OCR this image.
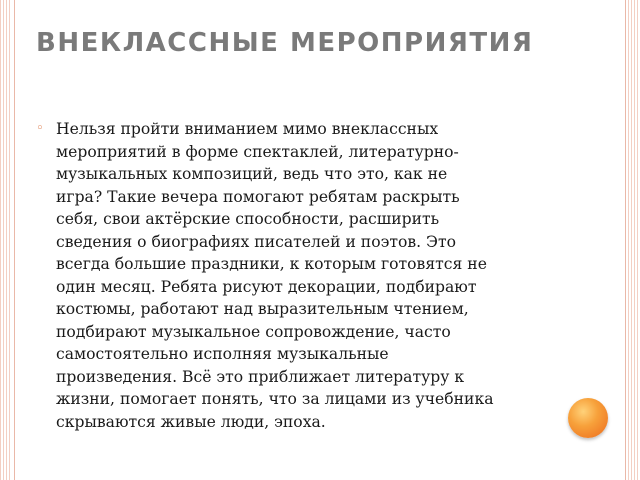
ВНЕКЛАССНЫЕ МЕРОПРИЯТИЯ
◦ Нельзя пройти вниманием мимо внеклассных
мероприятий в форме спектаклей, литературно-
музыкальных композиций, ведь что это, как не
игра? Такие вечера помогают ребятам раскрыть
себя, свои актёрские способности, расширить
сведения о биографиях писателей и поэтов. Это
всегда большие праздники, к которым готовятся не
один месяц. Ребята рисуют декорации, подбирают
костюмы, работают над выразительным чтением,
подбирают музыкальное сопровождение, часто
самостоятельно исполняя музыкальные
произведения. Всё это приближает литературу к
жизни, помогает понять, что за лицами из учебника
скрываются живые люди, эпоха.
